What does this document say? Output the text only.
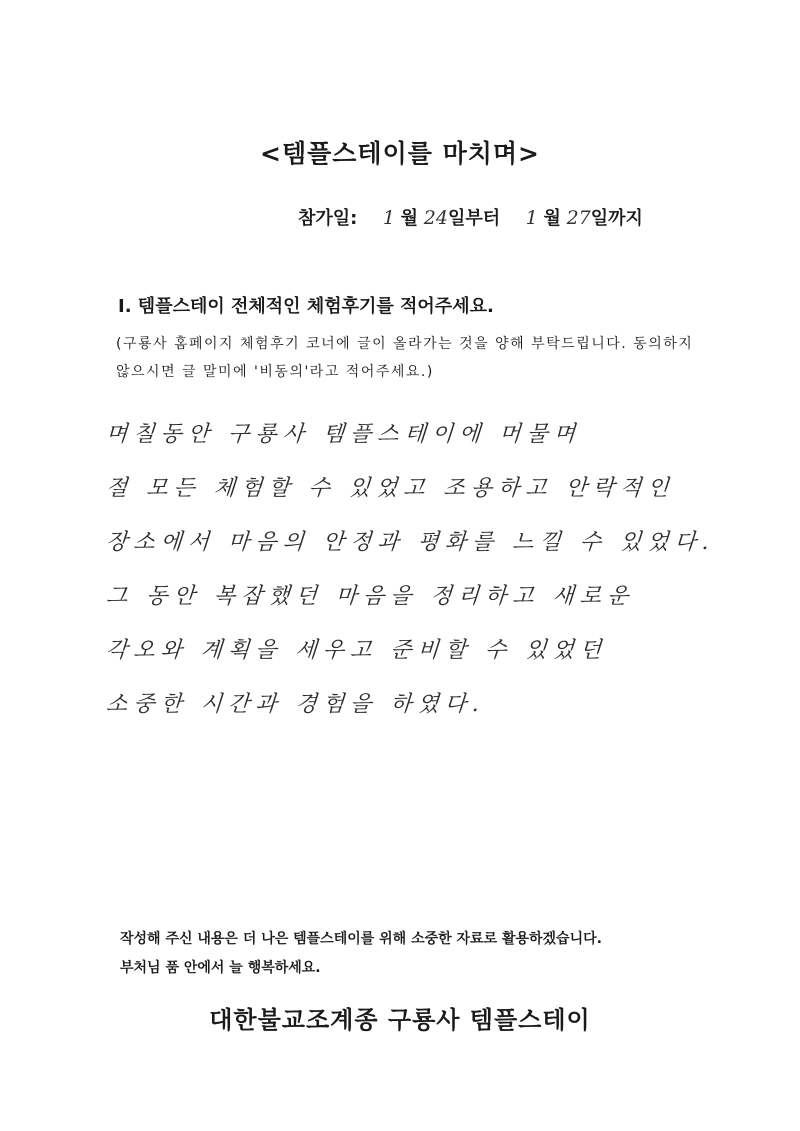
<템플스테이를 마치며>
참가일: 1 월 24일부터 1 월 27일까지
I. 템플스테이 전체적인 체험후기를 적어주세요.
(구룡사 홈페이지 체험후기 코너에 글이 올라가는 것을 양해 부탁드립니다. 동의하지 않으시면 글 말미에 '비동의'라고 적어주세요.)
며칠동안 구룡사 템플스테이에 머물며
절 모든 체험할 수 있었고 조용하고 안락적인
장소에서 마음의 안정과 평화를 느낄 수 있었다.
그 동안 복잡했던 마음을 정리하고 새로운
각오와 계획을 세우고 준비할 수 있었던
소중한 시간과 경험을 하였다.
작성해 주신 내용은 더 나은 템플스테이를 위해 소중한 자료로 활용하겠습니다.
부처님 품 안에서 늘 행복하세요.
대한불교조계종 구룡사 템플스테이
